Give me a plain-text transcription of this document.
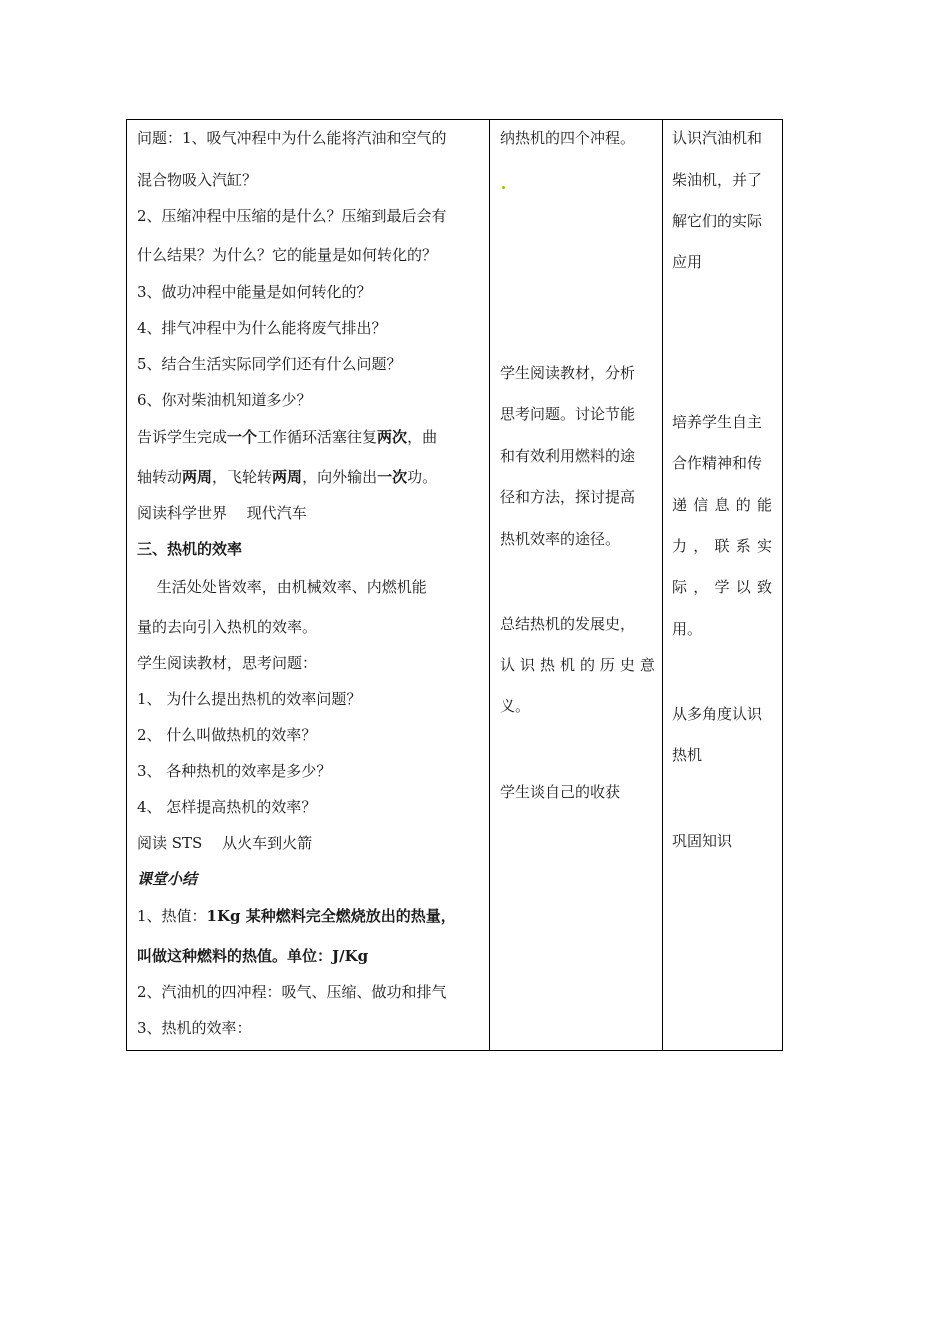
问题：1、吸气冲程中为什么能将汽油和空气的
混合物吸入汽缸？
2、压缩冲程中压缩的是什么？压缩到最后会有
什么结果？为什么？它的能量是如何转化的？
3、做功冲程中能量是如何转化的？
4、排气冲程中为什么能将废气排出？
5、结合生活实际同学们还有什么问题？
6、你对柴油机知道多少？
告诉学生完成一个工作循环活塞往复两次，曲
轴转动两周，飞轮转两周，向外输出一次功。
阅读科学世界　 现代汽车
三、热机的效率
　 生活处处皆效率，由机械效率、内燃机能
量的去向引入热机的效率。
学生阅读教材，思考问题：
1、 为什么提出热机的效率问题？
2、 什么叫做热机的效率？
3、 各种热机的效率是多少？
4、 怎样提高热机的效率？
阅读 STS　 从火车到火箭
课堂小结
1、热值：1Kg 某种燃料完全燃烧放出的热量，
叫做这种燃料的热值。单位：J/Kg
2、汽油机的四冲程：吸气、压缩、做功和排气
3、热机的效率：
纳热机的四个冲程。
学生阅读教材，分析
思考问题。讨论节能
和有效利用燃料的途
径和方法，探讨提高
热机效率的途径。
总结热机的发展史，
认 识 热 机 的 历 史 意
义。
学生谈自己的收获
认识汽油机和
柴油机，并了
解它们的实际
应用
培养学生自主
合作精神和传
递 信 息 的 能
力 ， 联 系 实
际 ， 学 以 致
用。
从多角度认识
热机
巩固知识
